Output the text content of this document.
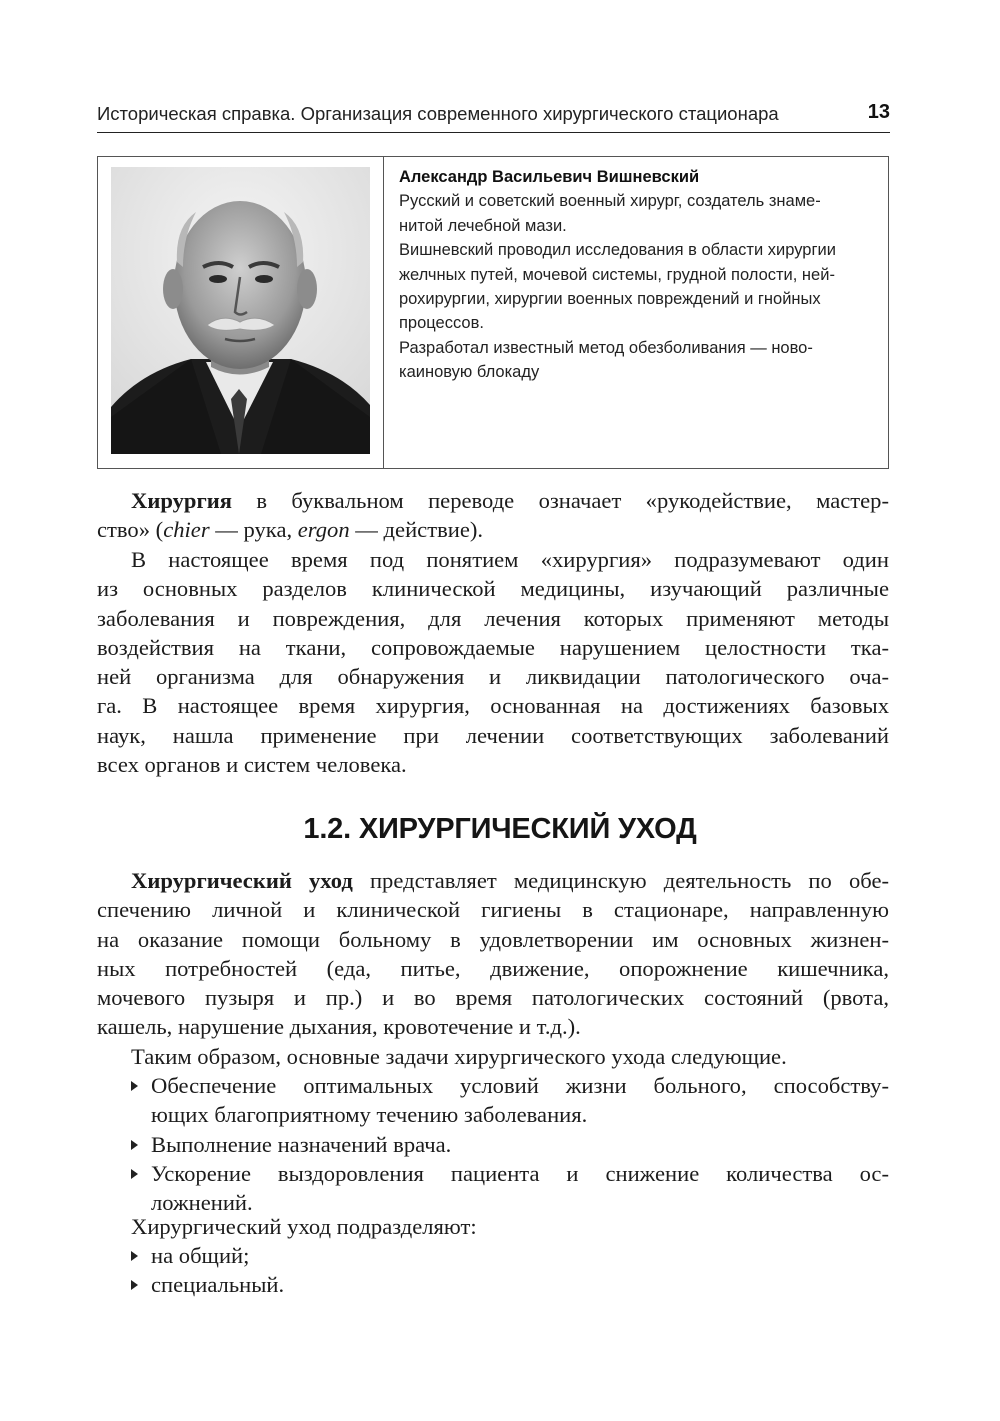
Историческая справка. Организация современного хирургического стационара	13
Александр Васильевич Вишневский
Русский и советский военный хирург, создатель знаме-
нитой лечебной мази.
Вишневский проводил исследования в области хирургии
желчных путей, мочевой системы, грудной полости, ней-
рохирургии, хирургии военных повреждений и гнойных
процессов.
Разработал известный метод обезболивания — ново-
каиновую блокаду
Хирургия в буквальном переводе означает «рукодействие, мастер-
ство» (chier — рука, ergon — действие).
В настоящее время под понятием «хирургия» подразумевают один
из основных разделов клинической медицины, изучающий различные
заболевания и повреждения, для лечения которых применяют методы
воздействия на ткани, сопровождаемые нарушением целостности тка-
ней организма для обнаружения и ликвидации патологического оча-
га. В настоящее время хирургия, основанная на достижениях базовых
наук, нашла применение при лечении соответствующих заболеваний
всех органов и систем человека.
1.2. ХИРУРГИЧЕСКИЙ УХОД
Хирургический уход представляет медицинскую деятельность по обе-
спечению личной и клинической гигиены в стационаре, направленную
на оказание помощи больному в удовлетворении им основных жизнен-
ных потребностей (еда, питье, движение, опорожнение кишечника,
мочевого пузыря и пр.) и во время патологических состояний (рвота,
кашель, нарушение дыхания, кровотечение и т.д.).
Таким образом, основные задачи хирургического ухода следующие.
Обеспечение оптимальных условий жизни больного, способству-
ющих благоприятному течению заболевания.
Выполнение назначений врача.
Ускорение выздоровления пациента и снижение количества ос-
ложнений.
Хирургический уход подразделяют:
на общий;
специальный.
